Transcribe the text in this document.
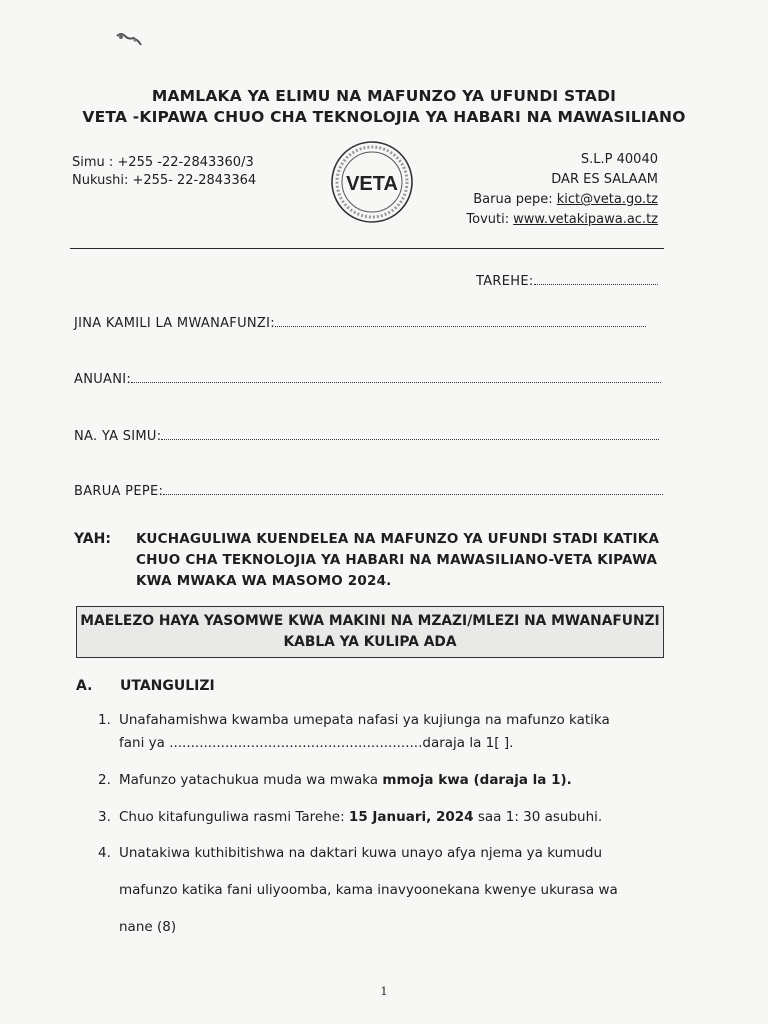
MAMLAKA YA ELIMU NA MAFUNZO YA UFUNDI STADI
VETA -KIPAWA CHUO CHA TEKNOLOJIA YA HABARI NA MAWASILIANO
Simu : +255 -22-2843360/3
Nukushi: +255- 22-2843364	VETA
S.L.P 40040
DAR ES SALAAM
Barua pepe: kict@veta.go.tz
Tovuti: www.vetakipawa.ac.tz
TAREHE:
JINA KAMILI LA MWANAFUNZI:
ANUANI:
NA. YA SIMU:
BARUA PEPE:
YAH: KUCHAGULIWA KUENDELEA NA MAFUNZO YA UFUNDI STADI KATIKA
CHUO CHA TEKNOLOJIA YA HABARI NA MAWASILIANO-VETA KIPAWA
KWA MWAKA WA MASOMO 2024.
MAELEZO HAYA YASOMWE KWA MAKINI NA MZAZI/MLEZI NA MWANAFUNZI
KABLA YA KULIPA ADA
A. UTANGULIZI
1. Unafahamishwa kwamba umepata nafasi ya kujiunga na mafunzo katika
fani ya ...........................................................daraja la 1[ ].
2. Mafunzo yatachukua muda wa mwaka mmoja kwa (daraja la 1).
3. Chuo kitafunguliwa rasmi Tarehe: 15 Januari, 2024 saa 1: 30 asubuhi.
4. Unatakiwa kuthibitishwa na daktari kuwa unayo afya njema ya kumudu
mafunzo katika fani uliyoomba, kama inavyoonekana kwenye ukurasa wa
nane (8)
1
